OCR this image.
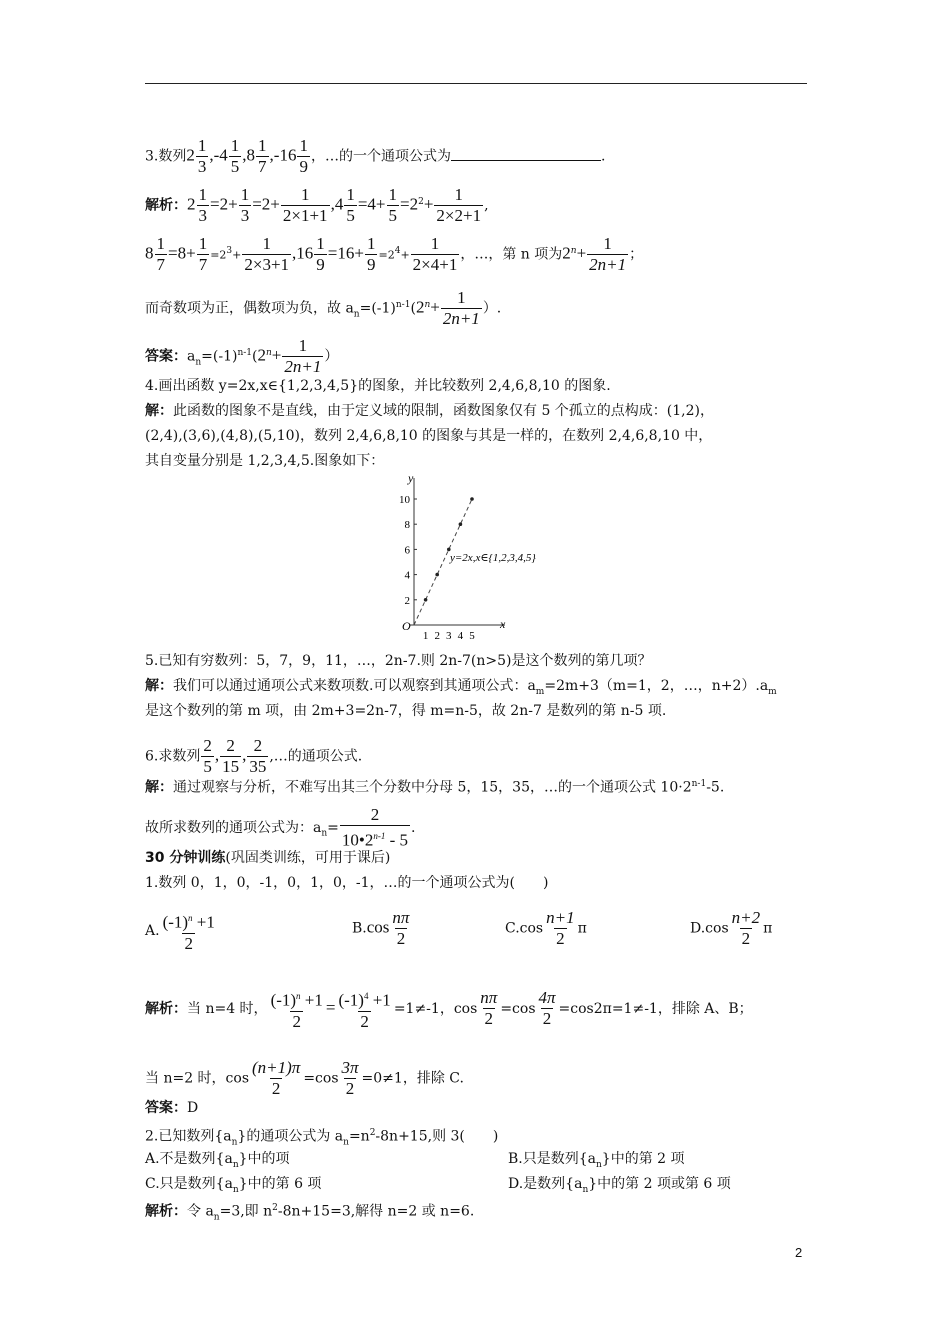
3.数列$2 \frac{1}{3} ,-4 \frac{1}{5} ,8 \frac{1}{7} ,-16 \frac{1}{9}$ ，…的一个通项公式为	.
解析：$2 \frac{1}{3} =2+ \frac{1}{3} =2+ \frac{1}{2\times 1+1} ,4 \frac{1}{5} =4+ \frac{1}{5} =2^2+ \frac{1}{2\times 2+1}$ ,
$8 \frac{1}{7} =8+ \frac{1}{7} =2^3+ \frac{1}{2\times 3+1} ,16 \frac{1}{9} =16+ \frac{1}{9} =2^4+ \frac{1}{2\times 4+1}$ ，…，第 n 项为$2^n+ \frac{1}{2n+1}$ ；
而奇数项为正，偶数项为负，故 $a_n=(-1)^{n-1}(2^n+ \frac{1}{2n+1}$ ）.
答案：$a_n=(-1)^{n-1}(2^n+ \frac{1}{2n+1}$ ）
4.画出函数 y=2x,x∈{1,2,3,4,5}的图象，并比较数列 2,4,6,8,10 的图象.
解：此函数的图象不是直线，由于定义域的限制，函数图象仅有 5 个孤立的点构成：(1,2)，
(2,4),(3,6),(4,8),(5,10)，数列 2,4,6,8,10 的图象与其是一样的，在数列 2,4,6,8,10 中，
其自变量分别是 1,2,3,4,5.图象如下：
y
x
O
2
4
6
8
10
1 2 3 4 5
y=2x,x∈{1,2,3,4,5}
5.已知有穷数列：5，7，9，11，…，2n-7.则 2n-7(n>5)是这个数列的第几项？
解：我们可以通过通项公式来数项数.可以观察到其通项公式：$a_m=2m+3(m=1$，2，…，$n+2).a_m$
是这个数列的第 m 项，由 2m+3=2n-7，得 m=n-5，故 2n-7 是数列的第 n-5 项.
6.求数列 $\frac{2}{5}$ , $\frac{2}{15}$ , $\frac{2}{35}$ ,…的通项公式.
解：通过观察与分析，不难写出其三个分数中分母 5，15，35，…的一个通项公式 $10\cdot 2^{n-1}-5$.
故所求数列的通项公式为：$a_n= \frac{2}{10•2^{n-1} - 5}$ .
30 分钟训练(巩固类训练，可用于课后)
1.数列 0，1，0，-1，0，1，0，-1，…的一个通项公式为(　　)
A. $\frac{(-1)^n +1}{2}$	$B.\cos \frac{n\pi}{2}$	$C.\cos \frac{n+1}{2}$ π	$D.\cos \frac{n+2}{2}$ π
解析：当 n=4 时， $\frac{(-1)^n +1}{2} = \frac{(-1)^4 +1}{2} =1\ne-1$，$\cos \frac{n\pi}{2} =\cos \frac{4\pi}{2} =\cos 2\pi=1\ne-1$，排除 A、B；
当 n=2 时，$\cos \frac{(n+1)\pi}{2} =\cos \frac{3\pi}{2} =0\ne 1$，排除 C.
答案：D
2.已知数列$\{a_n\}$的通项公式为 $a_n=n^2-8n+15$,则 3(　　)
A.不是数列$\{a_n\}$中的项	B.只是数列$\{a_n\}$中的第 2 项
C.只是数列$\{a_n\}$中的第 6 项	D.是数列$\{a_n\}$中的第 2 项或第 6 项
解析：令 $a_n=3$,即 $n^2-8n+15=3$,解得 n=2 或 n=6.
2
